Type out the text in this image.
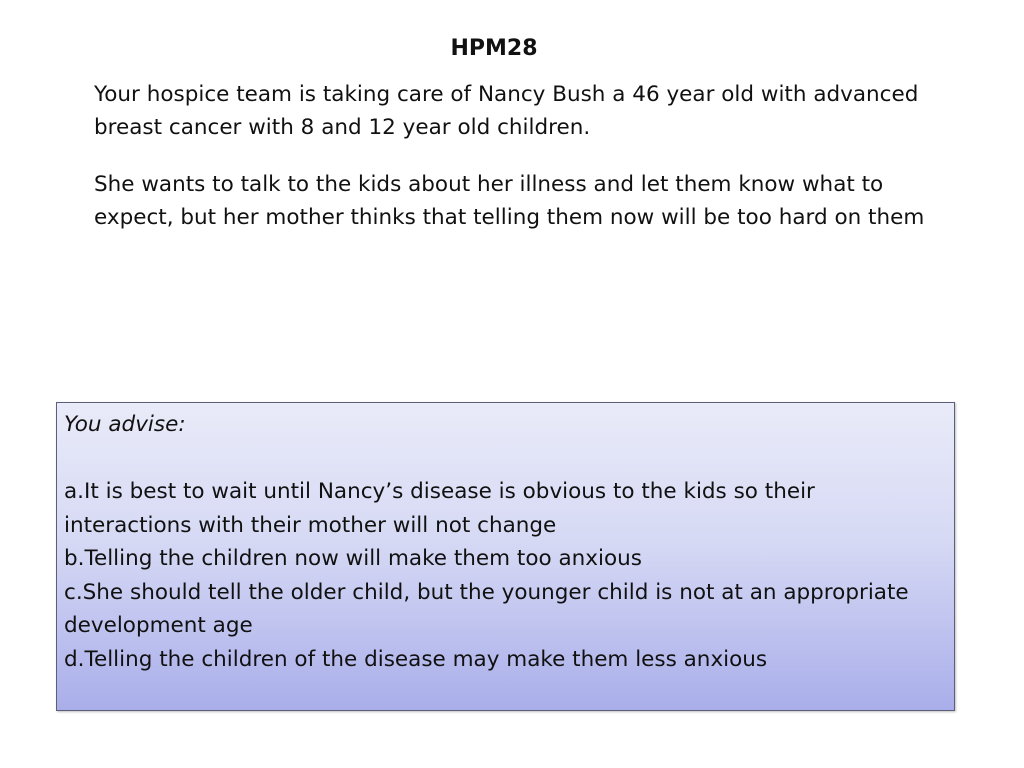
HPM28

Your hospice team is taking care of Nancy Bush a 46 year old with advanced breast cancer with 8 and 12 year old children.

She wants to talk to the kids about her illness and let them know what to expect, but her mother thinks that telling them now will be too hard on them

You advise:

a.It is best to wait until Nancy’s disease is obvious to the kids so their interactions with their mother will not change
b.Telling the children now will make them too anxious
c.She should tell the older child, but the younger child is not at an appropriate development age
d.Telling the children of the disease may make them less anxious
